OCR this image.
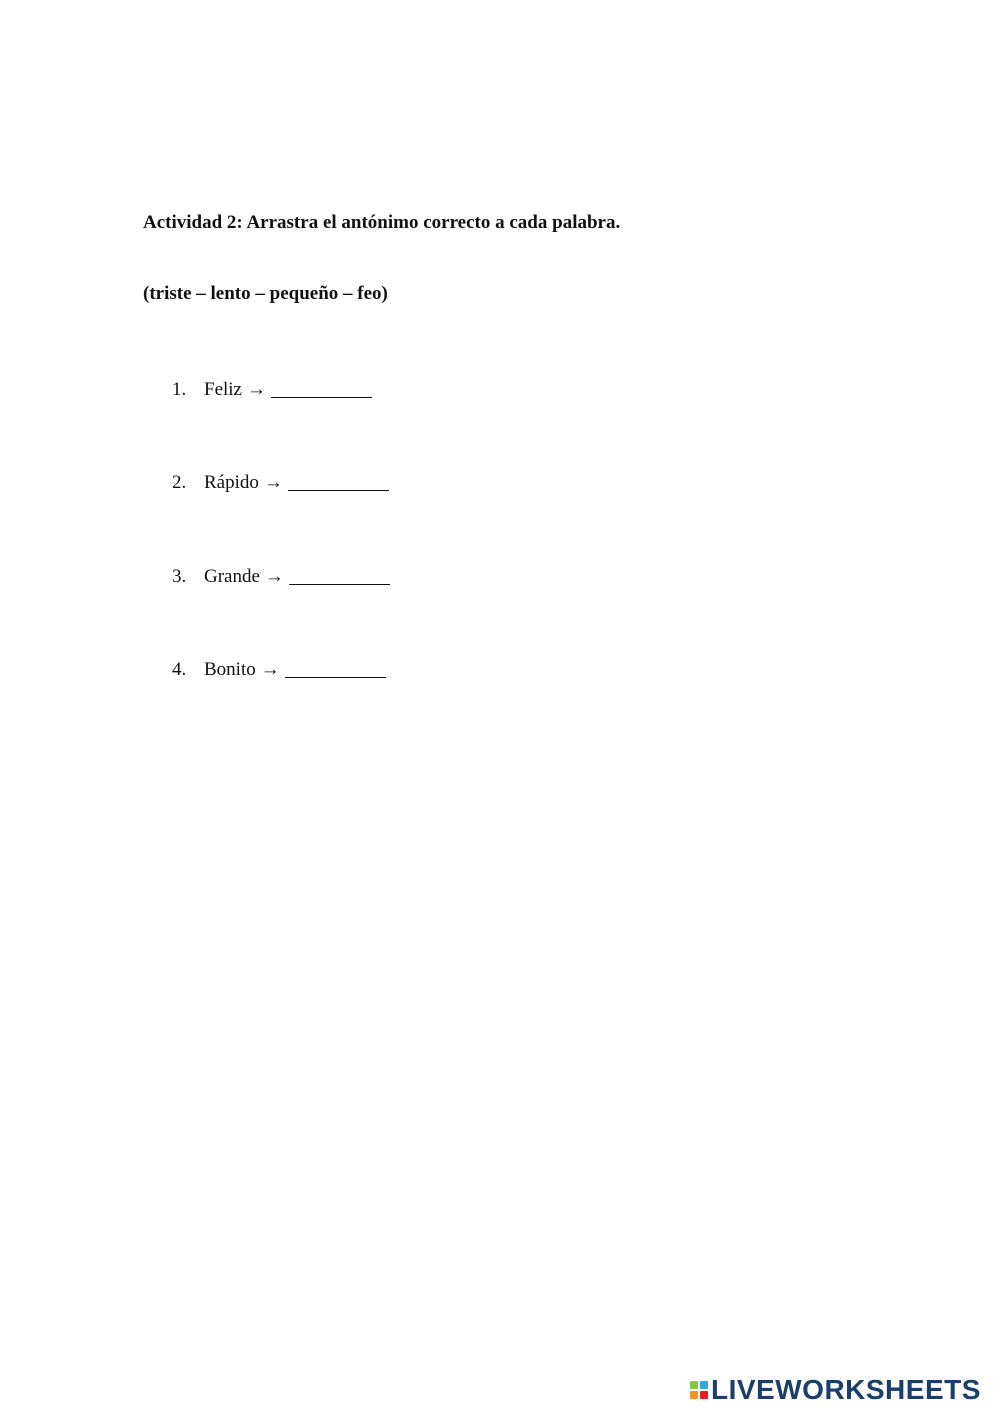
Actividad 2: Arrastra el antónimo correcto a cada palabra.
(triste – lento – pequeño – feo)
1. Feliz →
2. Rápido →
3. Grande →
4. Bonito →
LIVEWORKSHEETS
